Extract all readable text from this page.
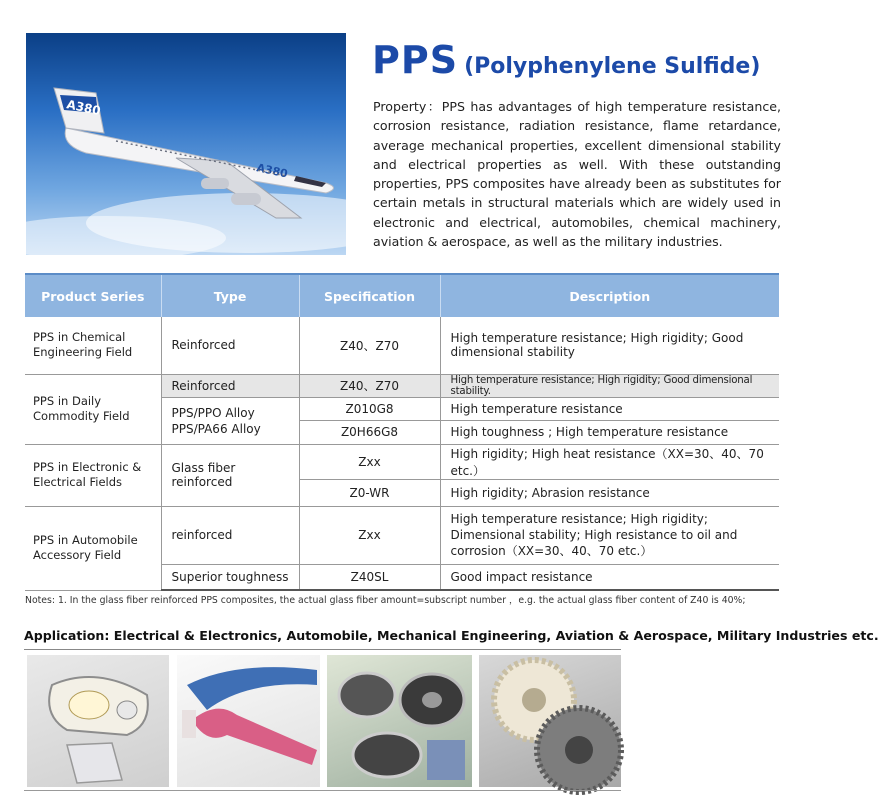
A380
A380
PPS (Polyphenylene Sulfide)
Property：PPS has advantages of high temperature resistance, corrosion resistance, radiation resistance, flame retardance, average mechanical properties, excellent dimensional stability and electrical properties as well. With these outstanding properties, PPS composites have already been as substitutes for certain metals in structural materials which are widely used in electronic and electrical, automobiles, chemical machinery, aviation & aerospace, as well as the military industries.
Product Series	Type	Specification	Description
PPS in Chemical Engineering Field	Reinforced	Z40、Z70	High temperature resistance; High rigidity; Good dimensional stability
PPS in Daily Commodity Field	Reinforced	Z40、Z70	High temperature resistance; High rigidity; Good dimensional stability.
	PPS/PPO Alloy PPS/PA66 Alloy	Z010G8	High temperature resistance
		Z0H66G8	High toughness ; High temperature resistance
PPS in Electronic & Electrical Fields	Glass fiber reinforced	Zxx	High rigidity; High heat resistance（XX=30、40、70 etc.）
		Z0-WR	High rigidity; Abrasion resistance
PPS in Automobile Accessory Field	reinforced	Zxx	High temperature resistance; High rigidity; Dimensional stability; High resistance to oil and corrosion（XX=30、40、70 etc.）
	Superior toughness	Z40SL	Good impact resistance
Notes: 1. In the glass fiber reinforced PPS composites, the actual glass fiber amount=subscript number ，e.g. the actual glass fiber content of Z40 is 40%;
Application: Electrical & Electronics, Automobile, Mechanical Engineering, Aviation & Aerospace, Military Industries etc.
